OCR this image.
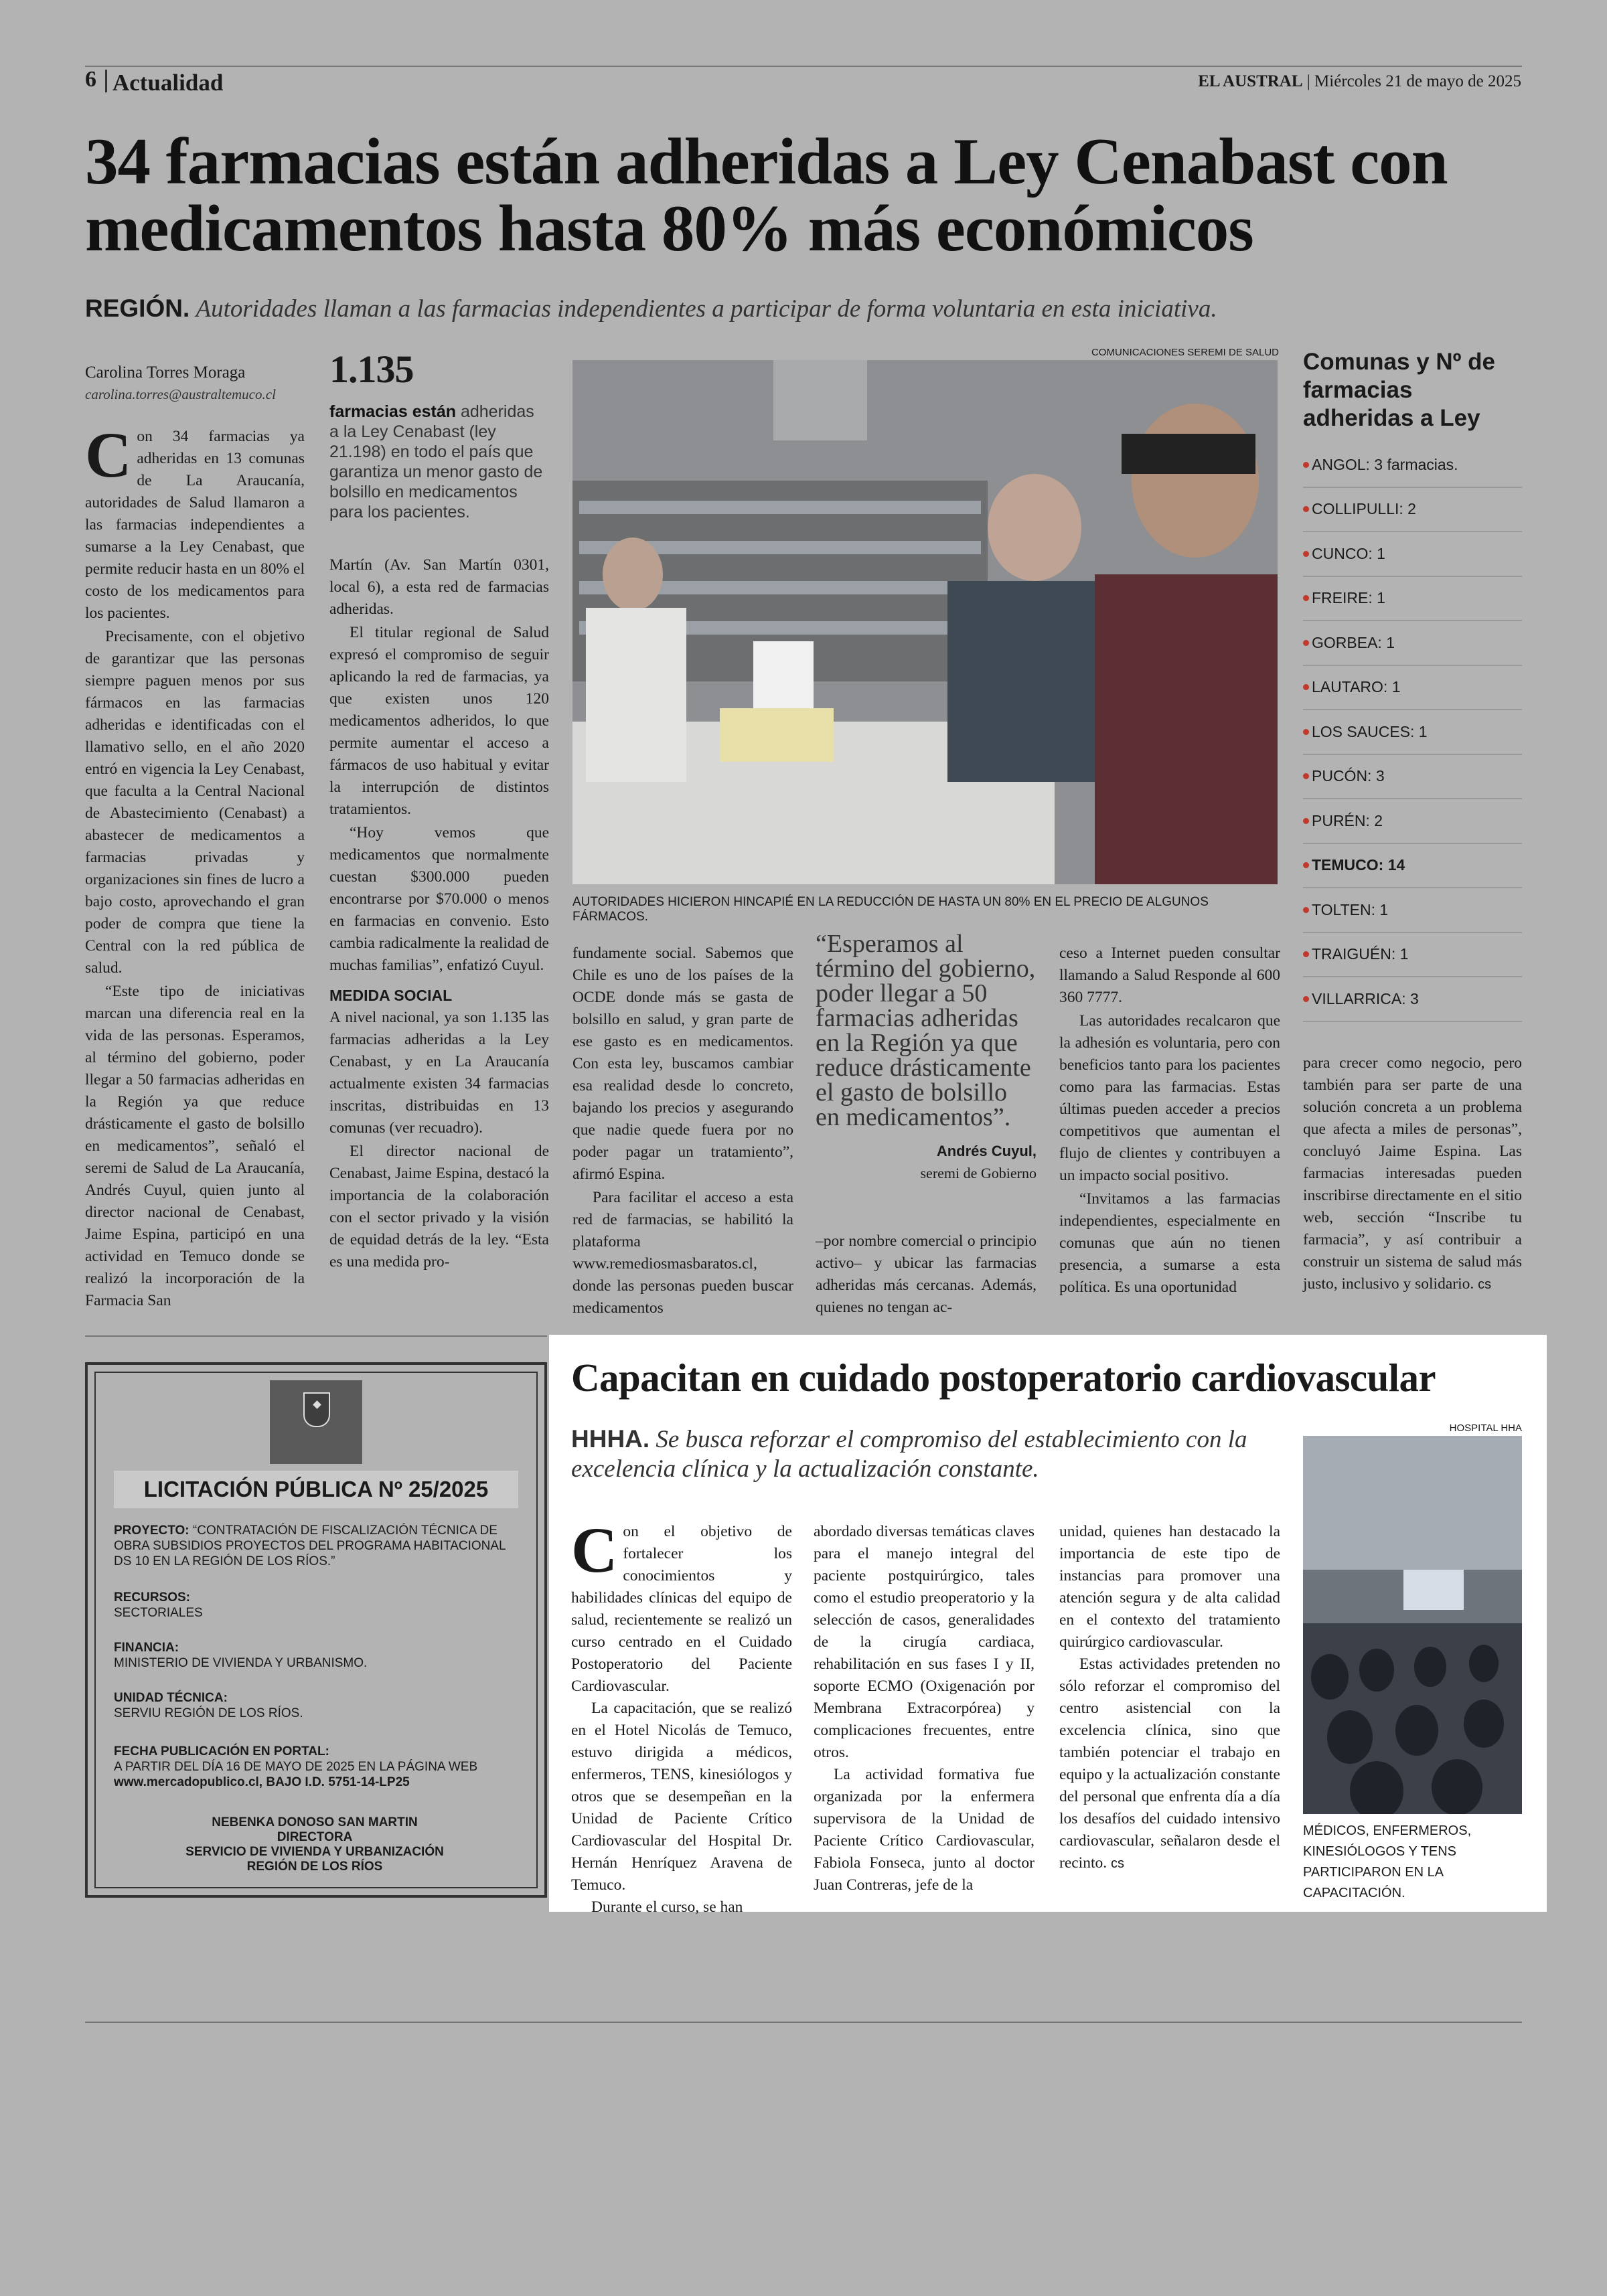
6 Actualidad	EL AUSTRAL | Miércoles 21 de mayo de 2025
34 farmacias están adheridas a Ley Cenabast con medicamentos hasta 80% más económicos
REGIÓN. Autoridades llaman a las farmacias independientes a participar de forma voluntaria en esta iniciativa.
Carolina Torres Moraga
carolina.torres@australtemuco.cl

Con 34 farmacias ya adheridas en 13 comunas de La Araucanía, autoridades de Salud llamaron a las farmacias independientes a sumarse a la Ley Cenabast, que permite reducir hasta en un 80% el costo de los medicamentos para los pacientes.

Precisamente, con el objetivo de garantizar que las personas siempre paguen menos por sus fármacos en las farmacias adheridas e identificadas con el llamativo sello, en el año 2020 entró en vigencia la Ley Cenabast, que faculta a la Central Nacional de Abastecimiento (Cenabast) a abastecer de medicamentos a farmacias privadas y organizaciones sin fines de lucro a bajo costo, aprovechando el gran poder de compra que tiene la Central con la red pública de salud.

“Este tipo de iniciativas marcan una diferencia real en la vida de las personas. Esperamos, al término del gobierno, poder llegar a 50 farmacias adheridas en la Región ya que reduce drásticamente el gasto de bolsillo en medicamentos”, señaló el seremi de Salud de La Araucanía, Andrés Cuyul, quien junto al director nacional de Cenabast, Jaime Espina, participó en una actividad en Temuco donde se realizó la incorporación de la Farmacia San

1.135
farmacias están adheridas a la Ley Cenabast (ley 21.198) en todo el país que garantiza un menor gasto de bolsillo en medicamentos para los pacientes.

Martín (Av. San Martín 0301, local 6), a esta red de farmacias adheridas.

El titular regional de Salud expresó el compromiso de seguir aplicando la red de farmacias, ya que existen unos 120 medicamentos adheridos, lo que permite aumentar el acceso a fármacos de uso habitual y evitar la interrupción de distintos tratamientos.

“Hoy vemos que medicamentos que normalmente cuestan $300.000 pueden encontrarse por $70.000 o menos en farmacias en convenio. Esto cambia radicalmente la realidad de muchas familias”, enfatizó Cuyul.

MEDIDA SOCIAL

A nivel nacional, ya son 1.135 las farmacias adheridas a la Ley Cenabast, y en La Araucanía actualmente existen 34 farmacias inscritas, distribuidas en 13 comunas (ver recuadro).

El director nacional de Cenabast, Jaime Espina, destacó la importancia de la colaboración con el sector privado y la visión de equidad detrás de la ley. “Esta es una medida pro-

COMUNICACIONES SEREMI DE SALUD
AUTORIDADES HICIERON HINCAPIÉ EN LA REDUCCIÓN DE HASTA UN 80% EN EL PRECIO DE ALGUNOS FÁRMACOS.
Comunas y Nº de farmacias adheridas a Ley
ANGOL: 3 farmacias.
COLLIPULLI: 2
CUNCO: 1
FREIRE: 1
GORBEA: 1
LAUTARO: 1
LOS SAUCES: 1
PUCÓN: 3
PURÉN: 2
TEMUCO: 14
TOLTEN: 1
TRAIGUÉN: 1
VILLARRICA: 3

fundamente social. Sabemos que Chile es uno de los países de la OCDE donde más se gasta de bolsillo en salud, y gran parte de ese gasto es en medicamentos. Con esta ley, buscamos cambiar esa realidad desde lo concreto, bajando los precios y asegurando que nadie quede fuera por no poder pagar un tratamiento”, afirmó Espina.

Para facilitar el acceso a esta red de farmacias, se habilitó la plataforma www.remediosmasbaratos.cl, donde las personas pueden buscar medicamentos

“Esperamos al término del gobierno, poder llegar a 50 farmacias adheridas en la Región ya que reduce drásticamente el gasto de bolsillo en medicamentos”.
Andrés Cuyul,
seremi de Gobierno

–por nombre comercial o principio activo– y ubicar las farmacias adheridas más cercanas. Además, quienes no tengan ac-

ceso a Internet pueden consultar llamando a Salud Responde al 600 360 7777.

Las autoridades recalcaron que la adhesión es voluntaria, pero con beneficios tanto para los pacientes como para las farmacias. Estas últimas pueden acceder a precios competitivos que aumentan el flujo de clientes y contribuyen a un impacto social positivo.

“Invitamos a las farmacias independientes, especialmente en comunas que aún no tienen presencia, a sumarse a esta política. Es una oportunidad

para crecer como negocio, pero también para ser parte de una solución concreta a un problema que afecta a miles de personas”, concluyó Jaime Espina. Las farmacias interesadas pueden inscribirse directamente en el sitio web, sección “Inscribe tu farmacia”, y así contribuir a construir un sistema de salud más justo, inclusivo y solidario. cs

LICITACIÓN PÚBLICA Nº 25/2025
PROYECTO: “CONTRATACIÓN DE FISCALIZACIÓN TÉCNICA DE OBRA SUBSIDIOS PROYECTOS DEL PROGRAMA HABITACIONAL DS 10 EN LA REGIÓN DE LOS RÍOS.”
RECURSOS:
SECTORIALES
FINANCIA:
MINISTERIO DE VIVIENDA Y URBANISMO.
UNIDAD TÉCNICA:
SERVIU REGIÓN DE LOS RÍOS.
FECHA PUBLICACIÓN EN PORTAL:
A PARTIR DEL DÍA 16 DE MAYO DE 2025 EN LA PÁGINA WEB
www.mercadopublico.cl, BAJO I.D. 5751-14-LP25
NEBENKA DONOSO SAN MARTIN
DIRECTORA
SERVICIO DE VIVIENDA Y URBANIZACIÓN
REGIÓN DE LOS RÍOS
Capacitan en cuidado postoperatorio cardiovascular
HHHA. Se busca reforzar el compromiso del establecimiento con la excelencia clínica y la actualización constante.
HOSPITAL HHA
MÉDICOS, ENFERMEROS, KINESIÓLOGOS Y TENS PARTICIPARON EN LA CAPACITACIÓN.

Con el objetivo de fortalecer los conocimientos y habilidades clínicas del equipo de salud, recientemente se realizó un curso centrado en el Cuidado Postoperatorio del Paciente Cardiovascular.

La capacitación, que se realizó en el Hotel Nicolás de Temuco, estuvo dirigida a médicos, enfermeros, TENS, kinesiólogos y otros que se desempeñan en la Unidad de Paciente Crítico Cardiovascular del Hospital Dr. Hernán Henríquez Aravena de Temuco.

Durante el curso, se han

abordado diversas temáticas claves para el manejo integral del paciente postquirúrgico, tales como el estudio preoperatorio y la selección de casos, generalidades de la cirugía cardiaca, rehabilitación en sus fases I y II, soporte ECMO (Oxigenación por Membrana Extracorpórea) y complicaciones frecuentes, entre otros.

La actividad formativa fue organizada por la enfermera supervisora de la Unidad de Paciente Crítico Cardiovascular, Fabiola Fonseca, junto al doctor Juan Contreras, jefe de la

unidad, quienes han destacado la importancia de este tipo de instancias para promover una atención segura y de alta calidad en el contexto del tratamiento quirúrgico cardiovascular.

Estas actividades pretenden no sólo reforzar el compromiso del centro asistencial con la excelencia clínica, sino que también potenciar el trabajo en equipo y la actualización constante del personal que enfrenta día a día los desafíos del cuidado intensivo cardiovascular, señalaron desde el recinto. cs
